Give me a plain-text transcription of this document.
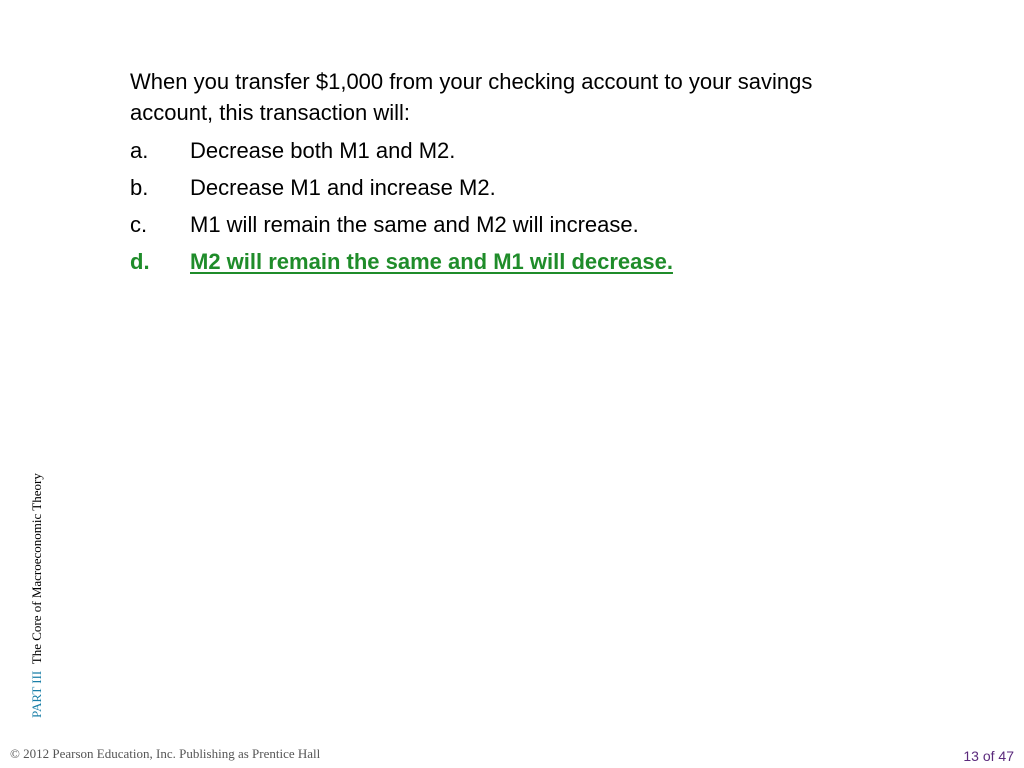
When you transfer $1,000 from your checking account to your savings account, this transaction will:
a.	Decrease both M1 and M2.
b.	Decrease M1 and increase M2.
c.	M1 will remain the same and M2 will increase.
d.	M2 will remain the same and M1 will decrease.
PART III  The Core of Macroeconomic Theory
© 2012 Pearson Education, Inc. Publishing as Prentice Hall	13 of 47
